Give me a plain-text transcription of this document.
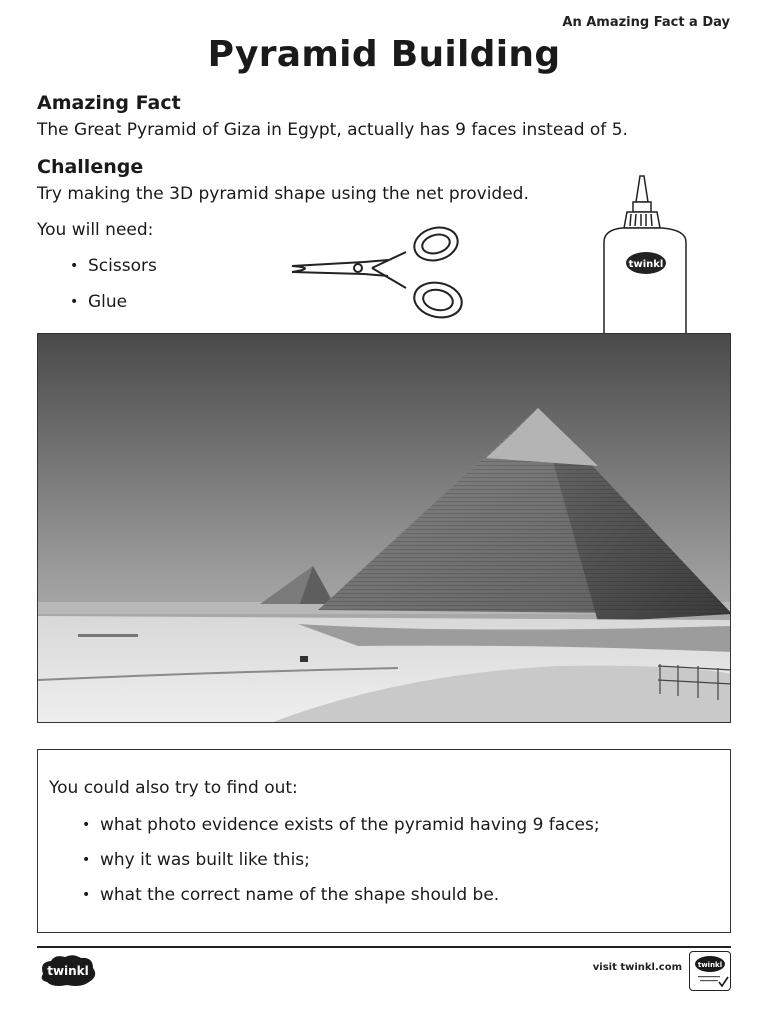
An Amazing Fact a Day
Pyramid Building
Amazing Fact

The Great Pyramid of Giza in Egypt, actually has 9 faces instead of 5.

Challenge

Try making the 3D pyramid shape using the net provided.

You will need:

• Scissors
• Glue
twinkl

You could also try to find out:

• what photo evidence exists of the pyramid having 9 faces;
• why it was built like this;
• what the correct name of the shape should be.
twinkl	visit twinkl.com twinkl
